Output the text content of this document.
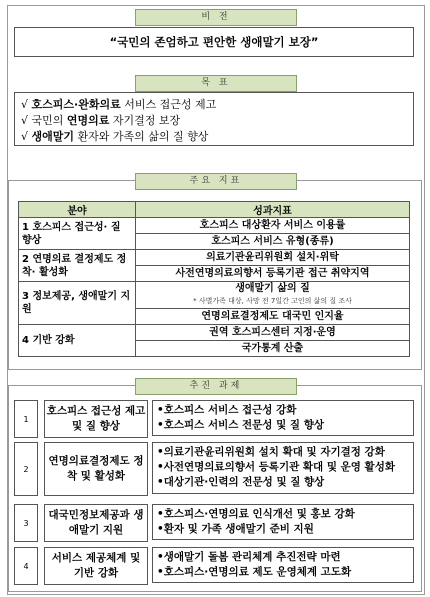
비 전
“국민의 존엄하고 편안한 생애말기 보장”
목 표
√ 호스피스·완화의료 서비스 접근성 제고
√ 국민의 연명의료 자기결정 보장
√ 생애말기 환자와 가족의 삶의 질 향상
주요 지표
분야	성과지표
1 호스피스 접근성· 질 향상	호스피스 대상환자 서비스 이용률
	호스피스 서비스 유형(종류)
2 연명의료 결정제도 정착· 활성화	의료기관윤리위원회 설치·위탁
	사전연명의료의향서 등록기관 접근 취약지역
3 정보제공, 생애말기 지원	생애말기 삶의 질
* 사별가족 대상, 사망 전 7일간 고인의 삶의 질 조사

	연명의료결정제도 대국민 인지율
4 기반 강화	권역 호스피스센터 지정·운영
	국가통계 산출
추진 과제
1
호스피스 접근성 제고 및 질 향상
•호스피스 서비스 접근성 강화
•호스피스 서비스 전문성 및 질 향상
2
연명의료결정제도 정착 및 활성화
•의료기관윤리위원회 설치 확대 및 자기결정 강화
•사전연명의료의향서 등록기관 확대 및 운영 활성화
•대상기관·인력의 전문성 및 질 향상
3
대국민정보제공과 생애말기 지원
•호스피스·연명의료 인식개선 및 홍보 강화
•환자 및 가족 생애말기 준비 지원
4
서비스 제공체계 및 기반 강화
•생애말기 돌봄 관리체계 추진전략 마련
•호스피스·연명의료 제도 운영체계 고도화
